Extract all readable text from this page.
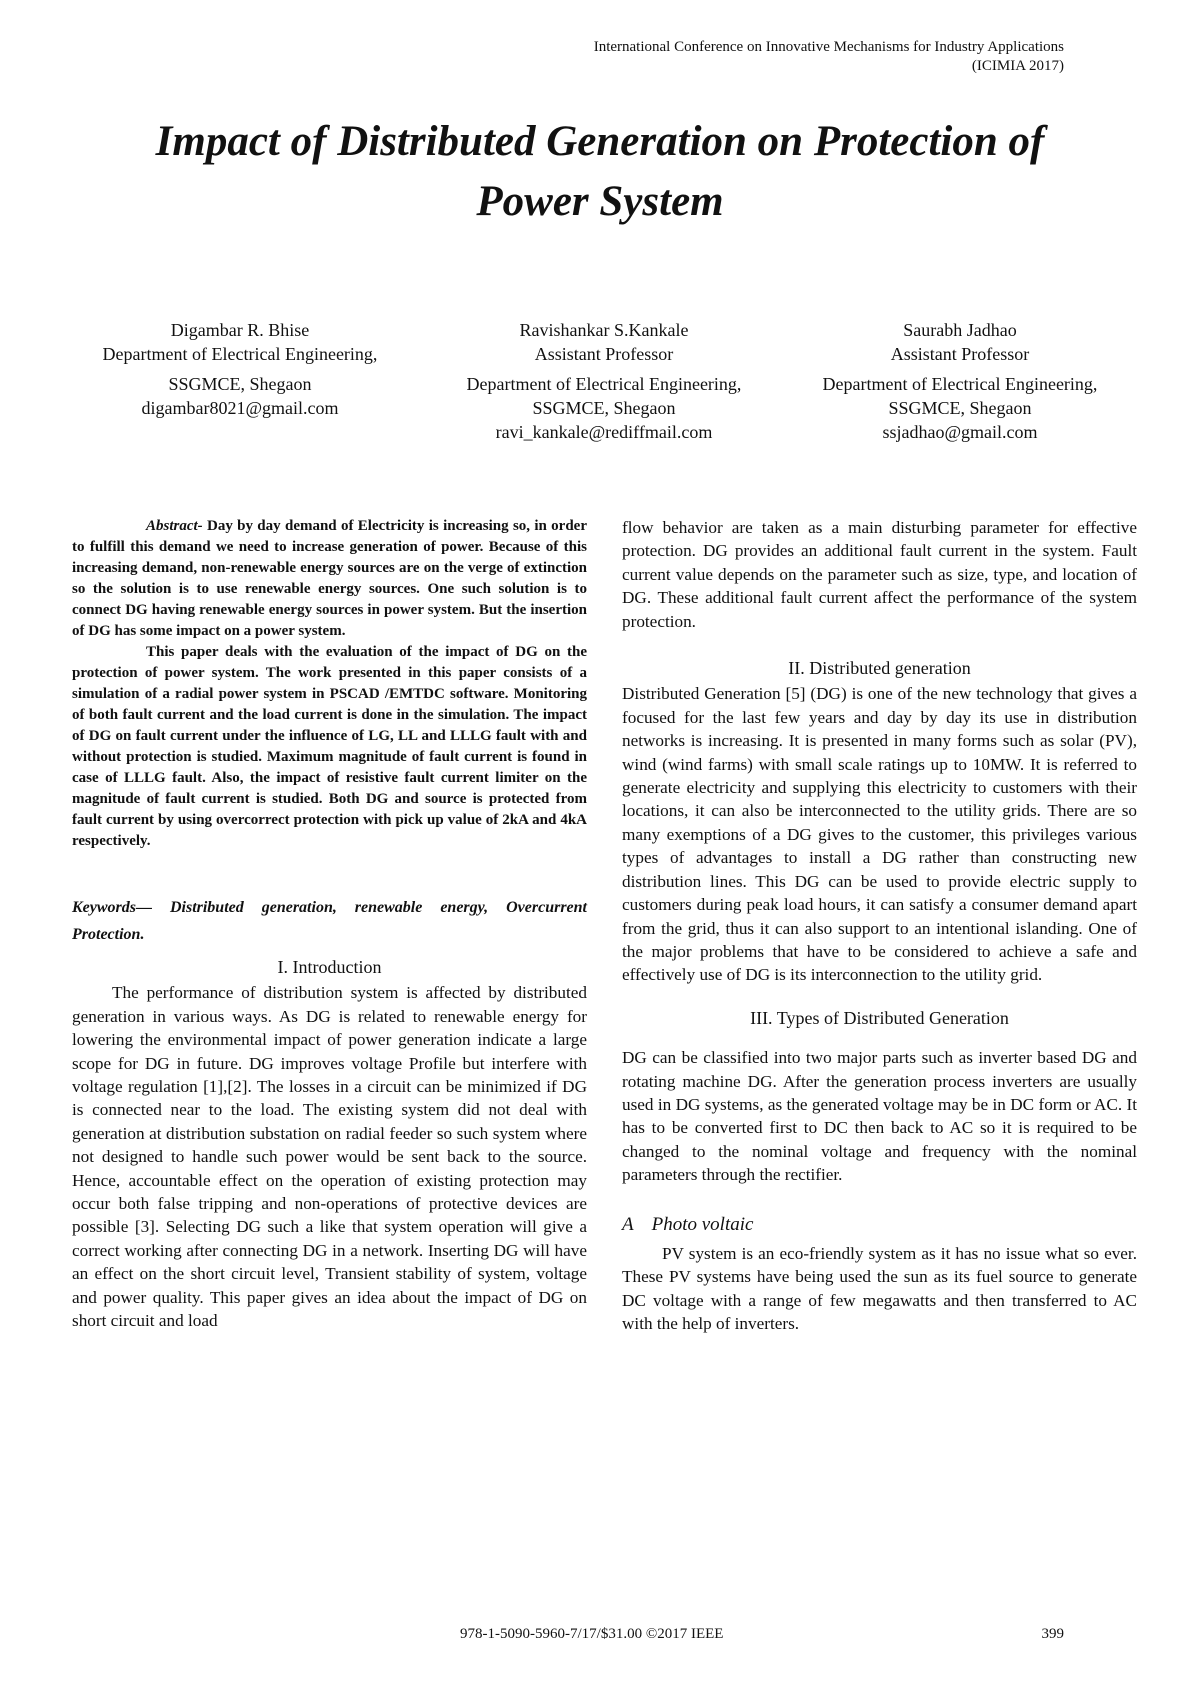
International Conference on Innovative Mechanisms for Industry Applications
(ICIMIA 2017)
Impact of Distributed Generation on Protection of
Power System
Digambar R. Bhise
Department of Electrical Engineering,
SSGMCE, Shegaon
digambar8021@gmail.com
Ravishankar S.Kankale
Assistant Professor
Department of Electrical Engineering,
SSGMCE, Shegaon
ravi_kankale@rediffmail.com
Saurabh Jadhao
Assistant Professor
Department of Electrical Engineering,
SSGMCE, Shegaon
ssjadhao@gmail.com

Abstract- Day by day demand of Electricity is increasing so, in order to fulfill this demand we need to increase generation of power. Because of this increasing demand, non-renewable energy sources are on the verge of extinction so the solution is to use renewable energy sources. One such solution is to connect DG having renewable energy sources in power system. But the insertion of DG has some impact on a power system.

This paper deals with the evaluation of the impact of DG on the protection of power system. The work presented in this paper consists of a simulation of a radial power system in PSCAD /EMTDC software. Monitoring of both fault current and the load current is done in the simulation. The impact of DG on fault current under the influence of LG, LL and LLLG fault with and without protection is studied. Maximum magnitude of fault current is found in case of LLLG fault. Also, the impact of resistive fault current limiter on the magnitude of fault current is studied. Both DG and source is protected from fault current by using overcorrect protection with pick up value of 2kA and 4kA respectively.

Keywords— Distributed generation, renewable energy, Overcurrent Protection.
I. Introduction

The performance of distribution system is affected by distributed generation in various ways. As DG is related to renewable energy for lowering the environmental impact of power generation indicate a large scope for DG in future. DG improves voltage Profile but interfere with voltage regulation [1],[2]. The losses in a circuit can be minimized if DG is connected near to the load. The existing system did not deal with generation at distribution substation on radial feeder so such system where not designed to handle such power would be sent back to the source. Hence, accountable effect on the operation of existing protection may occur both false tripping and non-operations of protective devices are possible [3]. Selecting DG such a like that system operation will give a correct working after connecting DG in a network. Inserting DG will have an effect on the short circuit level, Transient stability of system, voltage and power quality. This paper gives an idea about the impact of DG on short circuit and load

flow behavior are taken as a main disturbing parameter for effective protection. DG provides an additional fault current in the system. Fault current value depends on the parameter such as size, type, and location of DG. These additional fault current affect the performance of the system protection.

II. Distributed generation

Distributed Generation [5] (DG) is one of the new technology that gives a focused for the last few years and day by day its use in distribution networks is increasing. It is presented in many forms such as solar (PV), wind (wind farms) with small scale ratings up to 10MW. It is referred to generate electricity and supplying this electricity to customers with their locations, it can also be interconnected to the utility grids. There are so many exemptions of a DG gives to the customer, this privileges various types of advantages to install a DG rather than constructing new distribution lines. This DG can be used to provide electric supply to customers during peak load hours, it can satisfy a consumer demand apart from the grid, thus it can also support to an intentional islanding. One of the major problems that have to be considered to achieve a safe and effectively use of DG is its interconnection to the utility grid.

III. Types of Distributed Generation

DG can be classified into two major parts such as inverter based DG and rotating machine DG. After the generation process inverters are usually used in DG systems, as the generated voltage may be in DC form or AC. It has to be converted first to DC then back to AC so it is required to be changed to the nominal voltage and frequency with the nominal parameters through the rectifier.

A Photo voltaic

PV system is an eco-friendly system as it has no issue what so ever. These PV systems have being used the sun as its fuel source to generate DC voltage with a range of few megawatts and then transferred to AC with the help of inverters.

978-1-5090-5960-7/17/$31.00 ©2017 IEEE	399
